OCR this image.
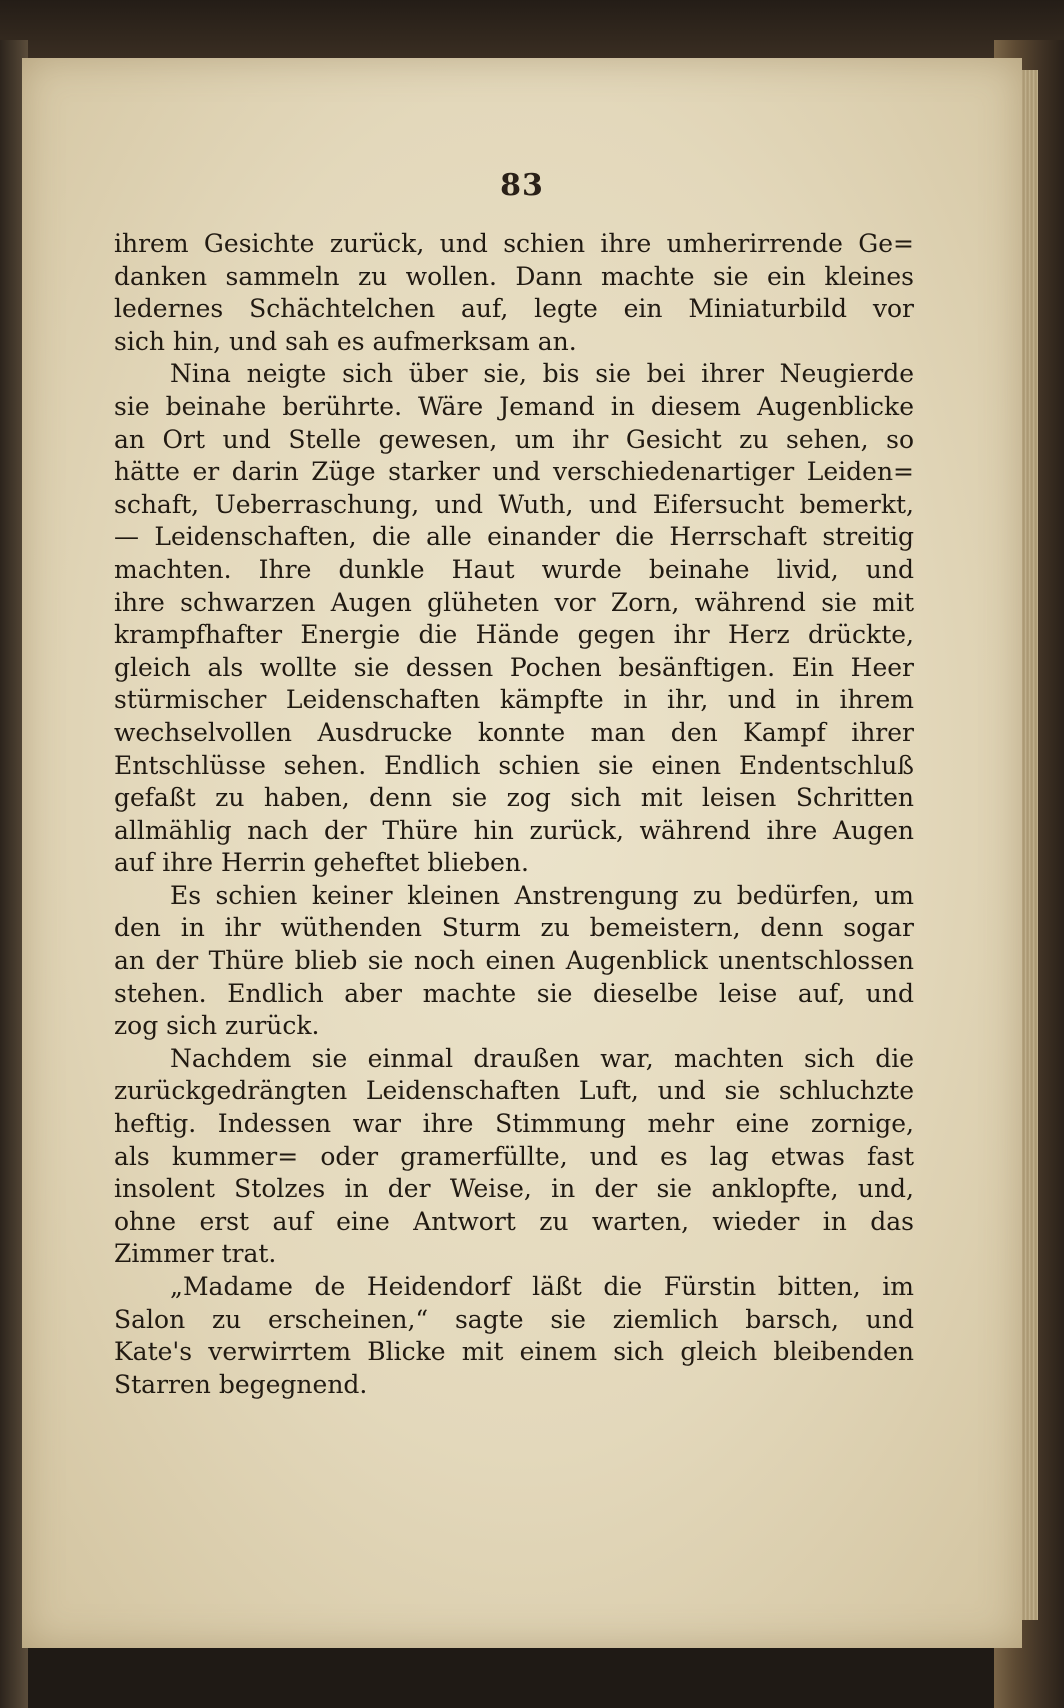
83
ihrem Gesichte zurück, und schien ihre umherirrende Ge=
danken sammeln zu wollen. Dann machte sie ein kleines
ledernes Schächtelchen auf, legte ein Miniaturbild vor
sich hin, und sah es aufmerksam an.
Nina neigte sich über sie, bis sie bei ihrer Neugierde
sie beinahe berührte. Wäre Jemand in diesem Augenblicke
an Ort und Stelle gewesen, um ihr Gesicht zu sehen, so
hätte er darin Züge starker und verschiedenartiger Leiden=
schaft, Ueberraschung, und Wuth, und Eifersucht bemerkt,
— Leidenschaften, die alle einander die Herrschaft streitig
machten. Ihre dunkle Haut wurde beinahe livid, und
ihre schwarzen Augen glüheten vor Zorn, während sie mit
krampfhafter Energie die Hände gegen ihr Herz drückte,
gleich als wollte sie dessen Pochen besänftigen. Ein Heer
stürmischer Leidenschaften kämpfte in ihr, und in ihrem
wechselvollen Ausdrucke konnte man den Kampf ihrer
Entschlüsse sehen. Endlich schien sie einen Endentschluß
gefaßt zu haben, denn sie zog sich mit leisen Schritten
allmählig nach der Thüre hin zurück, während ihre Augen
auf ihre Herrin geheftet blieben.
Es schien keiner kleinen Anstrengung zu bedürfen, um
den in ihr wüthenden Sturm zu bemeistern, denn sogar
an der Thüre blieb sie noch einen Augenblick unentschlossen
stehen. Endlich aber machte sie dieselbe leise auf, und
zog sich zurück.
Nachdem sie einmal draußen war, machten sich die
zurückgedrängten Leidenschaften Luft, und sie schluchzte
heftig. Indessen war ihre Stimmung mehr eine zornige,
als kummer= oder gramerfüllte, und es lag etwas fast
insolent Stolzes in der Weise, in der sie anklopfte, und,
ohne erst auf eine Antwort zu warten, wieder in das
Zimmer trat.
„Madame de Heidendorf läßt die Fürstin bitten, im
Salon zu erscheinen,“ sagte sie ziemlich barsch, und
Kate's verwirrtem Blicke mit einem sich gleich bleibenden
Starren begegnend.
